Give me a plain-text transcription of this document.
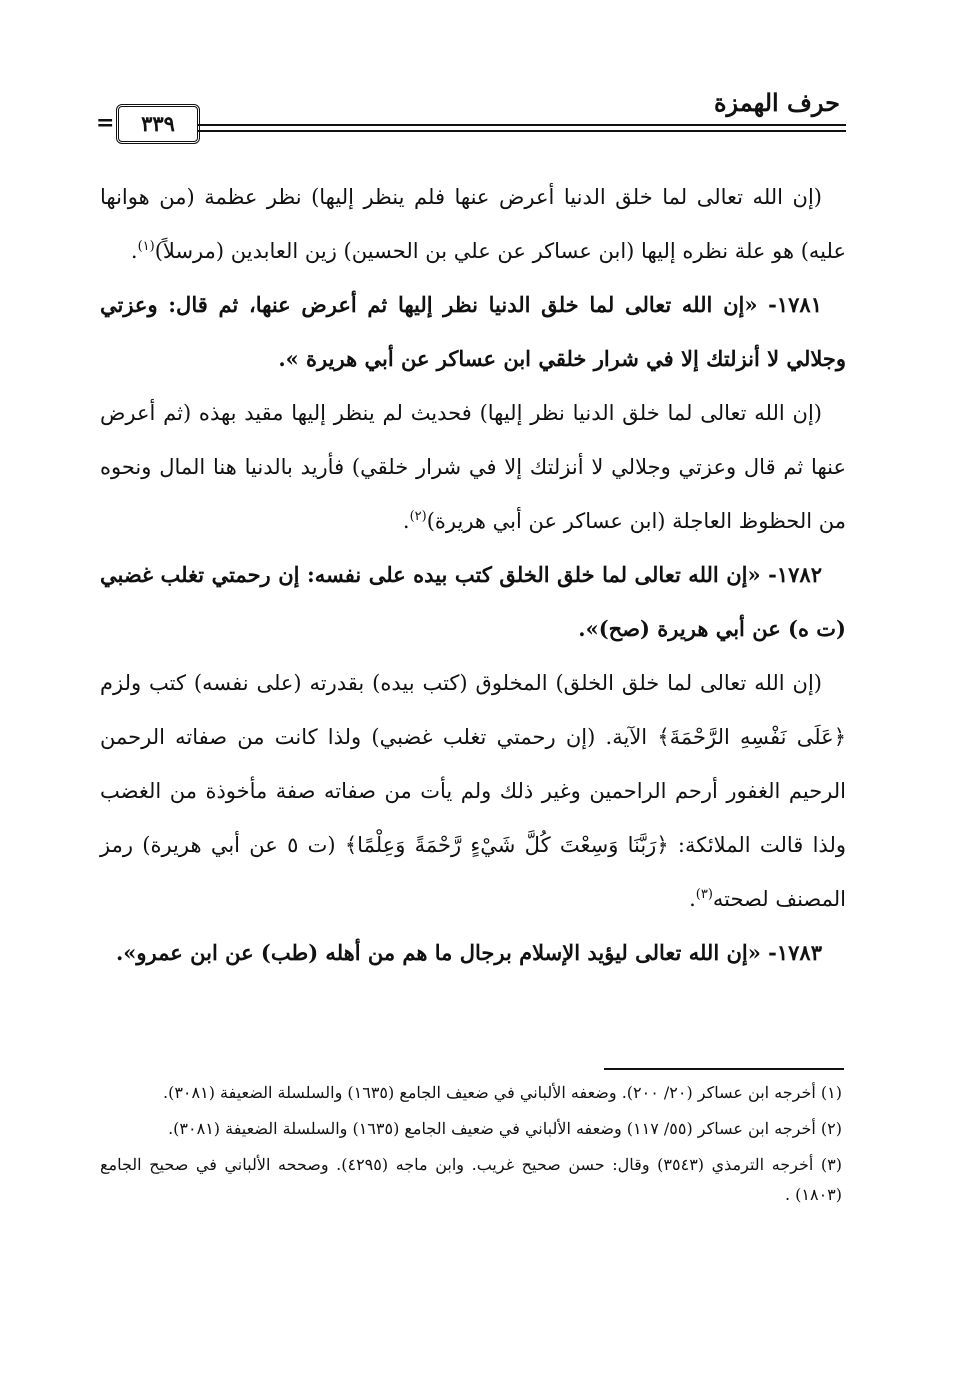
حرف الهمزة
=	٣٣٩

(إن الله تعالى لما خلق الدنيا أعرض عنها فلم ينظر إليها) نظر عظمة (من هوانها عليه) هو علة نظره إليها (ابن عساكر عن علي بن الحسين) زين العابدين (مرسلاً)$^{(١)}$.

١٧٨١- «إن الله تعالى لما خلق الدنيا نظر إليها ثم أعرض عنها، ثم قال: وعزتي وجلالي لا أنزلتك إلا في شرار خلقي ابن عساكر عن أبي هريرة ».

(إن الله تعالى لما خلق الدنيا نظر إليها) فحديث لم ينظر إليها مقيد بهذه (ثم أعرض عنها ثم قال وعزتي وجلالي لا أنزلتك إلا في شرار خلقي) فأريد بالدنيا هنا المال ونحوه من الحظوظ العاجلة (ابن عساكر عن أبي هريرة)$^{(٢)}$.

١٧٨٢- «إن الله تعالى لما خلق الخلق كتب بيده على نفسه: إن رحمتي تغلب غضبي (ت ه) عن أبي هريرة (صح)».

(إن الله تعالى لما خلق الخلق) المخلوق (كتب بيده) بقدرته (على نفسه) كتب ولزم ﴿عَلَى نَفْسِهِ الرَّحْمَةَ﴾ الآية. (إن رحمتي تغلب غضبي) ولذا كانت من صفاته الرحمن الرحيم الغفور أرحم الراحمين وغير ذلك ولم يأت من صفاته صفة مأخوذة من الغضب ولذا قالت الملائكة: ﴿رَبَّنَا وَسِعْتَ كُلَّ شَيْءٍ رَّحْمَةً وَعِلْمًا﴾ (ت ٥ عن أبي هريرة) رمز المصنف لصحته$^{(٣)}$.

١٧٨٣- «إن الله تعالى ليؤيد الإسلام برجال ما هم من أهله (طب) عن ابن عمرو».

(١) أخرجه ابن عساكر (٢٠/ ٢٠٠). وضعفه الألباني في ضعيف الجامع (١٦٣٥) والسلسلة الضعيفة (٣٠٨١).

(٢) أخرجه ابن عساكر (٥٥/ ١١٧) وضعفه الألباني في ضعيف الجامع (١٦٣٥) والسلسلة الضعيفة (٣٠٨١).

(٣) أخرجه الترمذي (٣٥٤٣) وقال: حسن صحيح غريب. وابن ماجه (٤٢٩٥). وصححه الألباني في صحيح الجامع (١٨٠٣) .
